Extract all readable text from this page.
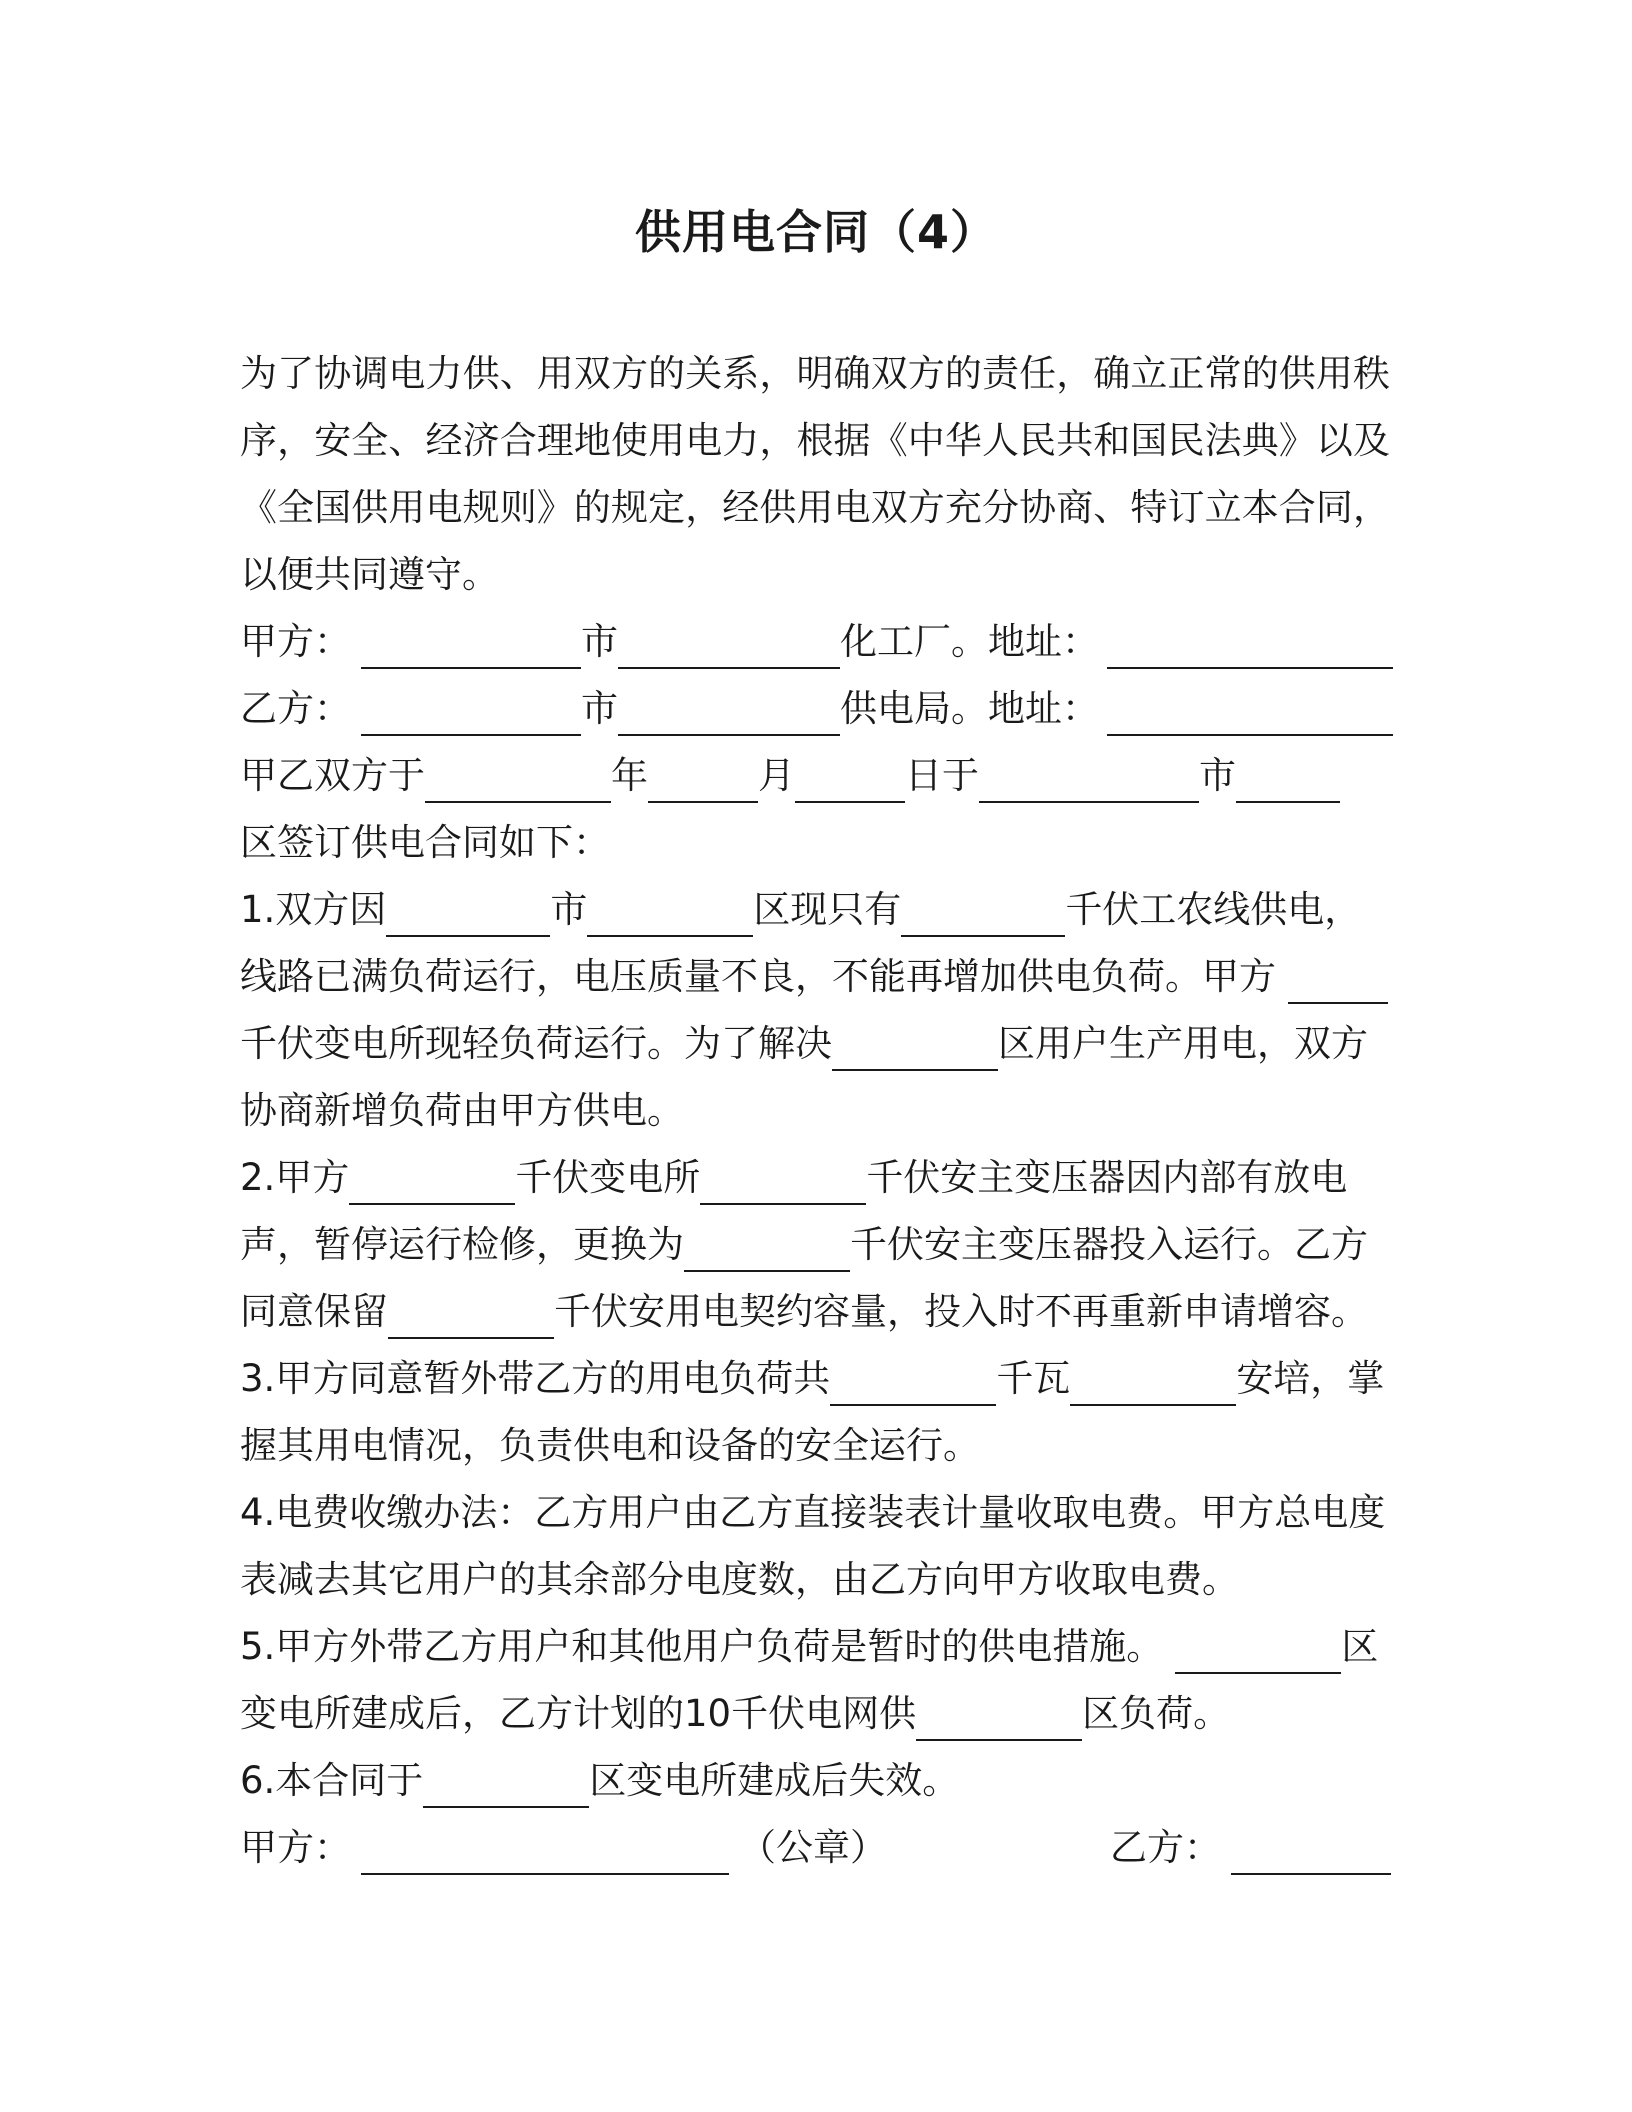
供用电合同（4）
为了协调电力供、用双方的关系，明确双方的责任，确立正常的供用秩序，安全、经济合理地使用电力，根据《中华人民共和国民法典》以及《全国供用电规则》的规定，经供用电双方充分协商、特订立本合同，以便共同遵守。
甲方：	市	化工厂。地址：
乙方：	市	供电局。地址：
甲乙双方于	年	月	日于	市
区签订供电合同如下：
1.双方因	市	区现只有	千伏工农线供电，
线路已满负荷运行，电压质量不良，不能再增加供电负荷。甲方
千伏变电所现轻负荷运行。为了解决	区用户生产用电，双方
协商新增负荷由甲方供电。
2.甲方	千伏变电所	千伏安主变压器因内部有放电
声，暂停运行检修，更换为	千伏安主变压器投入运行。乙方
同意保留	千伏安用电契约容量，投入时不再重新申请增容。
3.甲方同意暂外带乙方的用电负荷共	千瓦	安培，掌
握其用电情况，负责供电和设备的安全运行。
4.电费收缴办法：乙方用户由乙方直接装表计量收取电费。甲方总电度
表减去其它用户的其余部分电度数，由乙方向甲方收取电费。
5.甲方外带乙方用户和其他用户负荷是暂时的供电措施。	区
变电所建成后，乙方计划的10千伏电网供	区负荷。
6.本合同于	区变电所建成后失效。
甲方：	（公章）	乙方：
